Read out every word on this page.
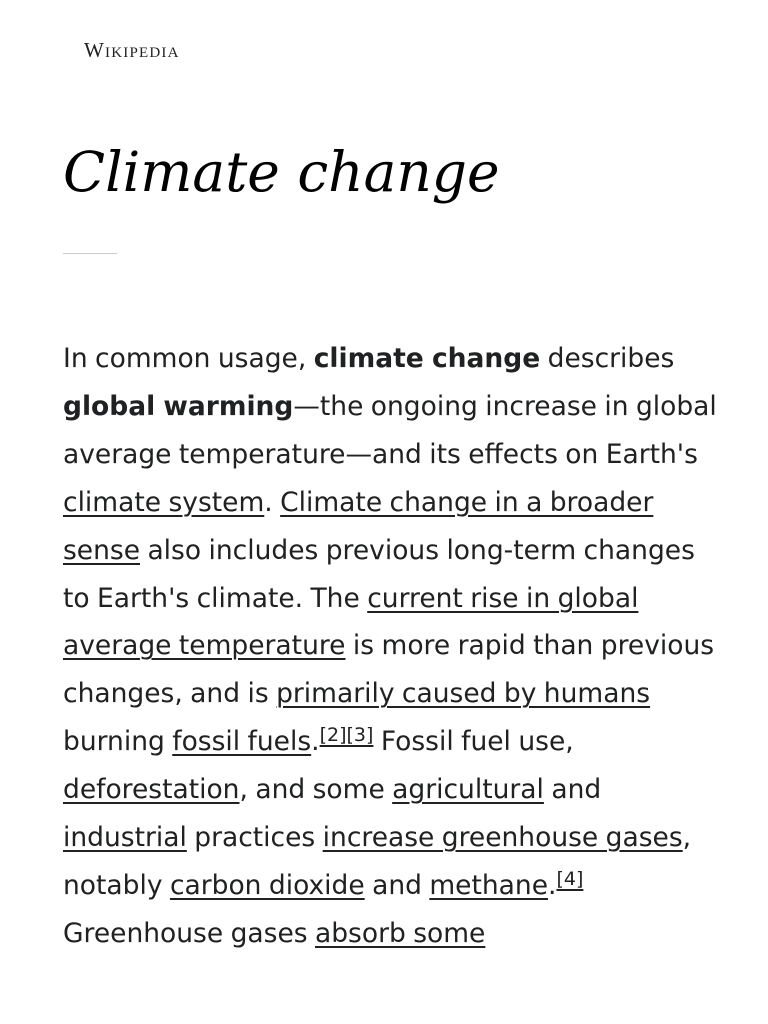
Wikipedia
Climate change

In common usage, climate change describes global warming—the ongoing increase in global average temperature—and its effects on Earth's climate system. Climate change in a broader sense also includes previous long-term changes to Earth's climate. The current rise in global average temperature is more rapid than previous changes, and is primarily caused by humans burning fossil fuels.[2][3] Fossil fuel use, deforestation, and some agricultural and industrial practices increase greenhouse gases, notably carbon dioxide and methane.[4] Greenhouse gases absorb some
